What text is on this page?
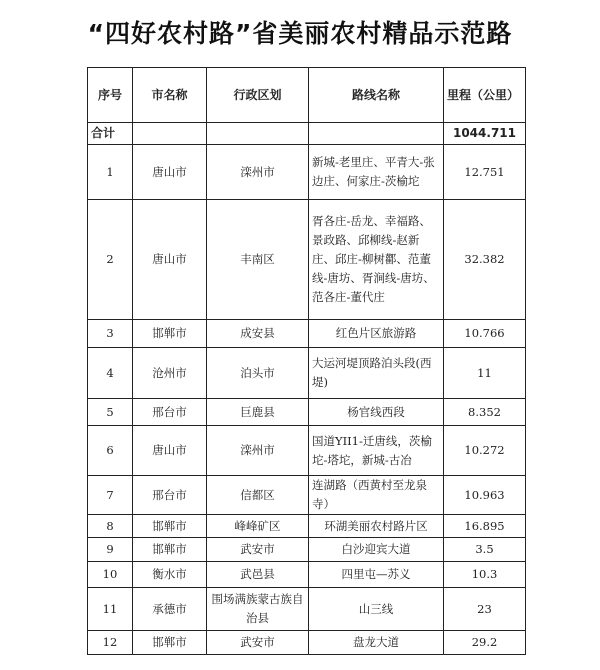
“四好农村路”省美丽农村精品示范路
序号	市名称	行政区划	路线名称	里程（公里）
合计				1044.711
1	唐山市	滦州市	新城-老里庄、平青大-张边庄、何家庄-茨榆坨	12.751
2	唐山市	丰南区	胥各庄-岳龙、幸福路、景政路、邱柳线-赵新庄、邱庄-柳树酄、范董线-唐坊、胥涧线-唐坊、范各庄-董代庄	32.382
3	邯郸市	成安县	红色片区旅游路	10.766
4	沧州市	泊头市	大运河堤顶路泊头段(西堤)	11
5	邢台市	巨鹿县	杨官线西段	8.352
6	唐山市	滦州市	国道YII1-迁唐线，茨榆坨-塔坨，新城-古冶	10.272
7	邢台市	信都区	连湖路（西黄村至龙泉寺）	10.963
8	邯郸市	峰峰矿区	环湖美丽农村路片区	16.895
9	邯郸市	武安市	白沙迎宾大道	3.5
10	衡水市	武邑县	四里屯—苏义	10.3
11	承德市	围场满族蒙古族自治县	山三线	23
12	邯郸市	武安市	盘龙大道	29.2
